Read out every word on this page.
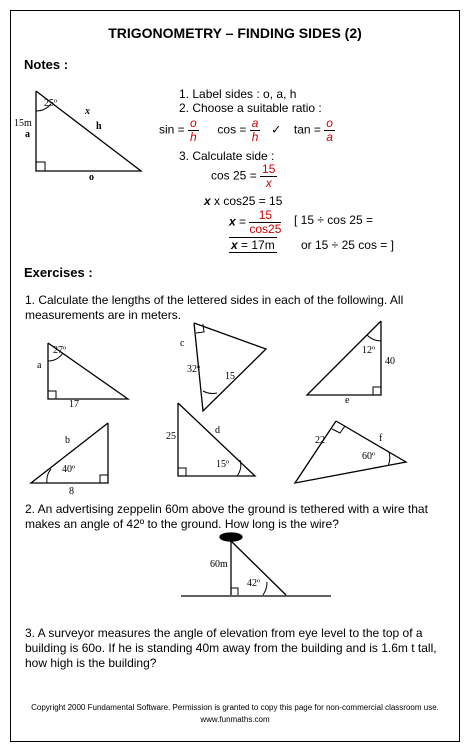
TRIGONOMETRY – FINDING SIDES (2)
Notes :
15m
a
25º
x
h
o
1. Label sides : o, a, h
2. Choose a suitable ratio :
$\sin = \frac{o}{h}$ $\cos = \frac{a}{h}$ ✓ $\tan = \frac{o}{a}$
3. Calculate side :
$\cos 25 = \frac{15}{x}$
x x cos25 = 15
$x = \frac{15}{\cos 25}$ [ 15 ÷ cos 25 =
x = 17m or 15 ÷ 25 cos = ]
Exercises :
1. Calculate the lengths of the lettered sides in each of the following. All measurements are in meters.
a
27º
17
c
32º
15
12º
40
e
b
40º
8
25
d
15º
22	f
60º
2. An advertising zeppelin 60m above the ground is tethered with a wire that makes an angle of 42º to the ground. How long is the wire?
60m
42º
3. A surveyor measures the angle of elevation from eye level to the top of a building is 60o. If he is standing 40m away from the building and is 1.6m t tall, how high is the building?
Copyright 2000 Fundamental Software. Permission is granted to copy this page for non-commercial classroom use.
www.funmaths.com
